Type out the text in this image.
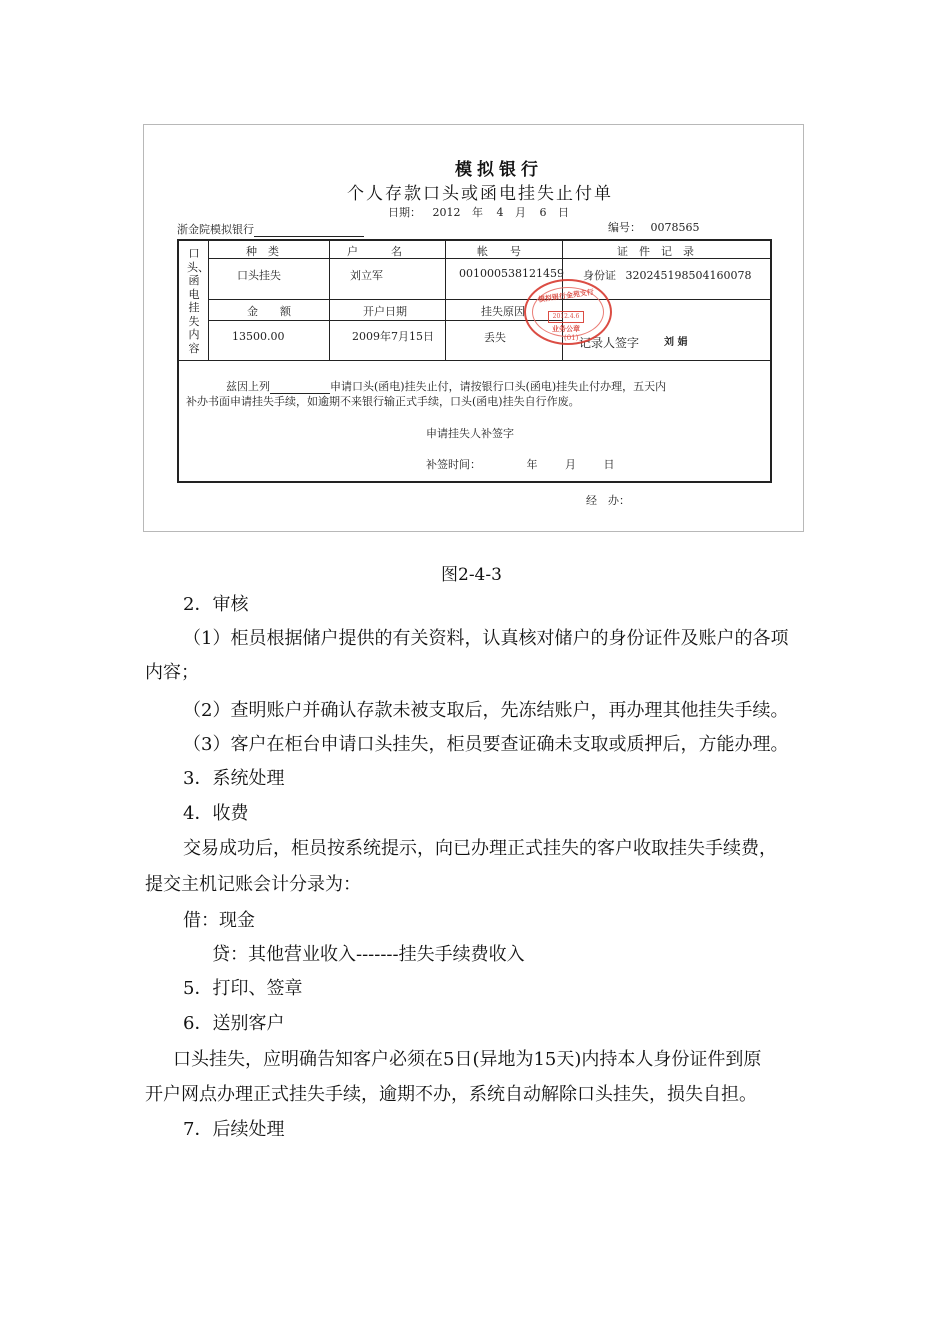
模拟银行
个人存款口头或函电挂失止付单
日期： 2012 年 4 月 6 日
浙金院模拟银行	编号： 0078565
口头、函电挂失内容
种　类	户　　　名	帐　　号	证　件　记　录
口头挂失	刘立军	001000538121459 身份证 320245198504160078
金　　额	开户日期	挂失原因
13500.00	2009年7月15日	丢失	记录人签字 刘 娟
模拟银行金苑支行
2012.4.6
业务公章
(01)
兹因上列	申请口头(函电)挂失止付，请按银行口头(函电)挂失止付办理，五天内
补办书面申请挂失手续，如逾期不来银行输正式手续，口头(函电)挂失自行作废。
申请挂失人补签字
补签时间：	年	月	日
经　办：
图2-4-3
2．审核
（1）柜员根据储户提供的有关资料，认真核对储户的身份证件及账户的各项
内容；
（2）查明账户并确认存款未被支取后，先冻结账户，再办理其他挂失手续。
（3）客户在柜台申请口头挂失，柜员要查证确未支取或质押后，方能办理。
3．系统处理
4．收费
交易成功后，柜员按系统提示，向已办理正式挂失的客户收取挂失手续费，
提交主机记账会计分录为：
借：现金
贷：其他营业收入-------挂失手续费收入
5．打印、签章
6．送别客户
口头挂失，应明确告知客户必须在5日(异地为15天)内持本人身份证件到原
开户网点办理正式挂失手续，逾期不办，系统自动解除口头挂失，损失自担。
7．后续处理
